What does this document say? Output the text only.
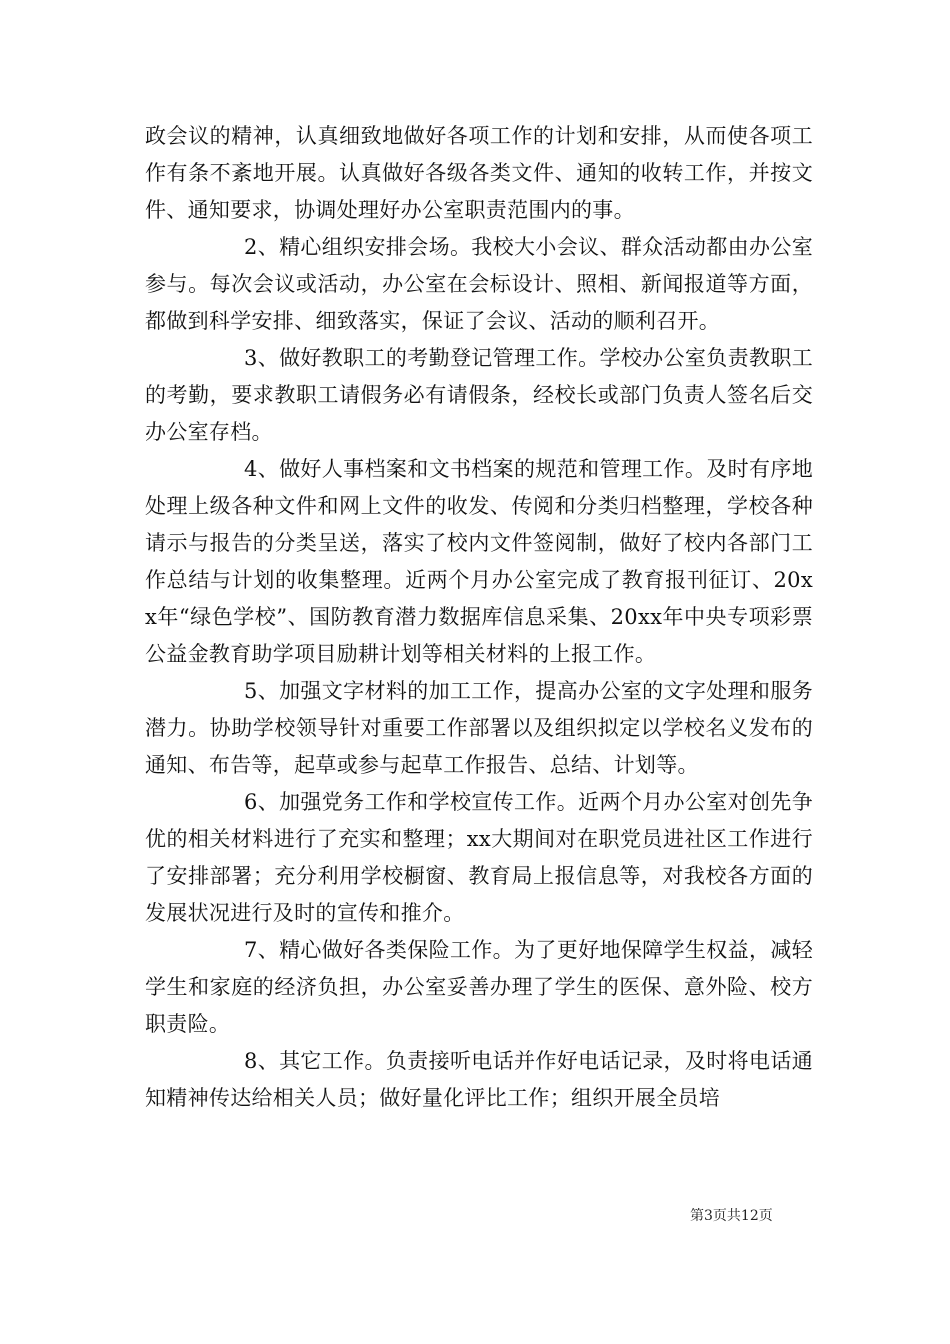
政会议的精神，认真细致地做好各项工作的计划和安排，从而使各项工作有条不紊地开展。认真做好各级各类文件、通知的收转工作，并按文件、通知要求，协调处理好办公室职责范围内的事。

2、精心组织安排会场。我校大小会议、群众活动都由办公室参与。每次会议或活动，办公室在会标设计、照相、新闻报道等方面，都做到科学安排、细致落实，保证了会议、活动的顺利召开。

3、做好教职工的考勤登记管理工作。学校办公室负责教职工的考勤，要求教职工请假务必有请假条，经校长或部门负责人签名后交办公室存档。

4、做好人事档案和文书档案的规范和管理工作。及时有序地处理上级各种文件和网上文件的收发、传阅和分类归档整理，学校各种请示与报告的分类呈送，落实了校内文件签阅制，做好了校内各部门工作总结与计划的收集整理。近两个月办公室完成了教育报刊征订、20xx年“绿色学校”、国防教育潜力数据库信息采集、20xx年中央专项彩票公益金教育助学项目励耕计划等相关材料的上报工作。

5、加强文字材料的加工工作，提高办公室的文字处理和服务潜力。协助学校领导针对重要工作部署以及组织拟定以学校名义发布的通知、布告等，起草或参与起草工作报告、总结、计划等。

6、加强党务工作和学校宣传工作。近两个月办公室对创先争优的相关材料进行了充实和整理；xx大期间对在职党员进社区工作进行了安排部署；充分利用学校橱窗、教育局上报信息等，对我校各方面的发展状况进行及时的宣传和推介。

7、精心做好各类保险工作。为了更好地保障学生权益，减轻学生和家庭的经济负担，办公室妥善办理了学生的医保、意外险、校方职责险。

8、其它工作。负责接听电话并作好电话记录，及时将电话通知精神传达给相关人员；做好量化评比工作；组织开展全员培

第3页共12页
